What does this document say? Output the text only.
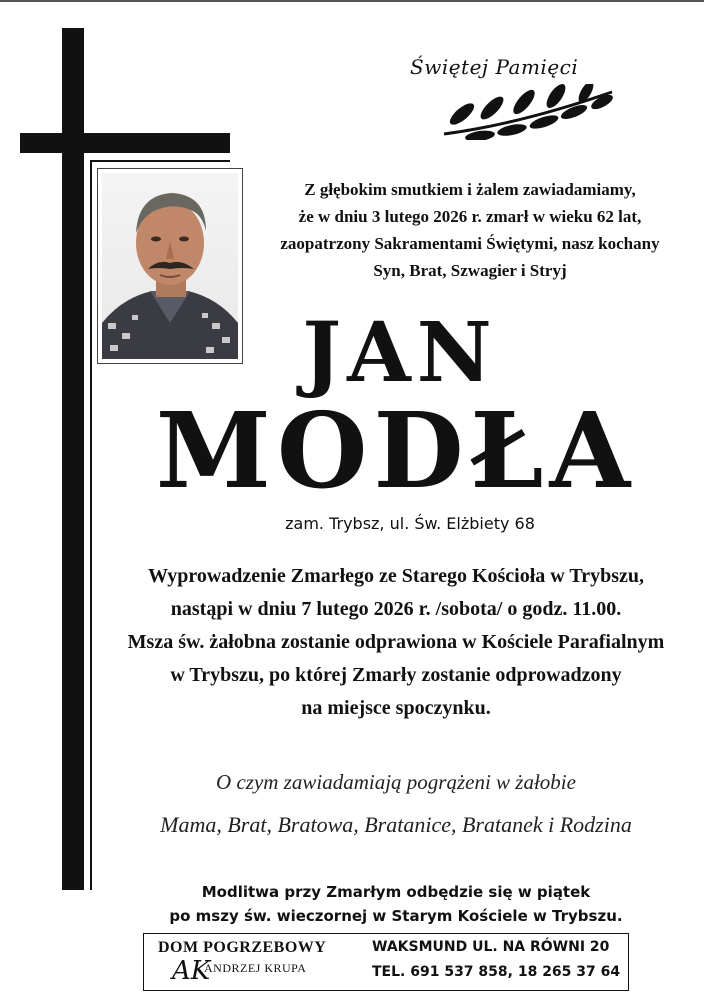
Świętej Pamięci
Z głębokim smutkiem i żalem zawiadamiamy,
że w dniu 3 lutego 2026 r. zmarł w wieku 62 lat,
zaopatrzony Sakramentami Świętymi, nasz kochany
Syn, Brat, Szwagier i Stryj
JAN
MODŁA
zam. Trybsz, ul. Św. Elżbiety 68
Wyprowadzenie Zmarłego ze Starego Kościoła w Trybszu,
nastąpi w dniu 7 lutego 2026 r. /sobota/ o godz. 11.00.
Msza św. żałobna zostanie odprawiona w Kościele Parafialnym
w Trybszu, po której Zmarły zostanie odprowadzony
na miejsce spoczynku.
O czym zawiadamiają pogrążeni w żałobie
Mama, Brat, Bratowa, Bratanice, Bratanek i Rodzina
Modlitwa przy Zmarłym odbędzie się w piątek
po mszy św. wieczornej w Starym Kościele w Trybszu.
DOM POGRZEBOWY
AK
ANDRZEJ KRUPA
WAKSMUND UL. NA RÓWNI 20
TEL. 691 537 858, 18 265 37 64
